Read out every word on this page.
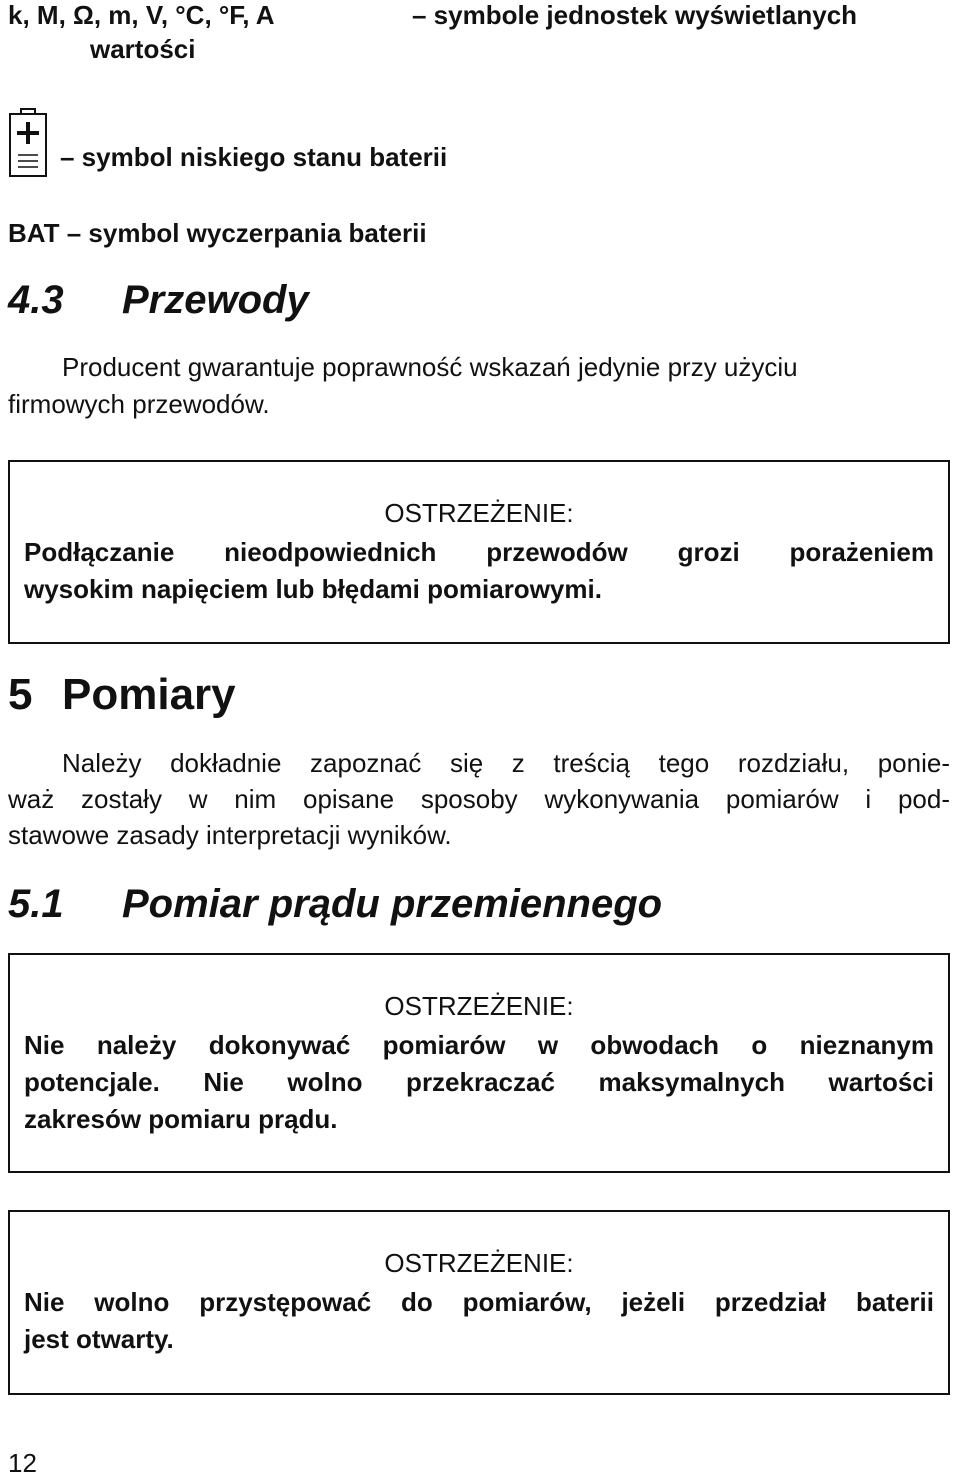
k, M, Ω, m, V, °C, °F, A	– symbole jednostek wyświetlanych
wartości
– symbol niskiego stanu baterii
BAT – symbol wyczerpania baterii
4.3 Przewody
Producent gwarantuje poprawność wskazań jedynie przy użyciu
firmowych przewodów.
OSTRZEŻENIE:
Podłączanie nieodpowiednich przewodów grozi porażeniem
wysokim napięciem lub błędami pomiarowymi.
5 Pomiary
Należy dokładnie zapoznać się z treścią tego rozdziału, ponie-
waż zostały w nim opisane sposoby wykonywania pomiarów i pod-
stawowe zasady interpretacji wyników.
5.1 Pomiar prądu przemiennego
OSTRZEŻENIE:
Nie należy dokonywać pomiarów w obwodach o nieznanym
potencjale. Nie wolno przekraczać maksymalnych wartości
zakresów pomiaru prądu.
OSTRZEŻENIE:
Nie wolno przystępować do pomiarów, jeżeli przedział baterii
jest otwarty.
12
